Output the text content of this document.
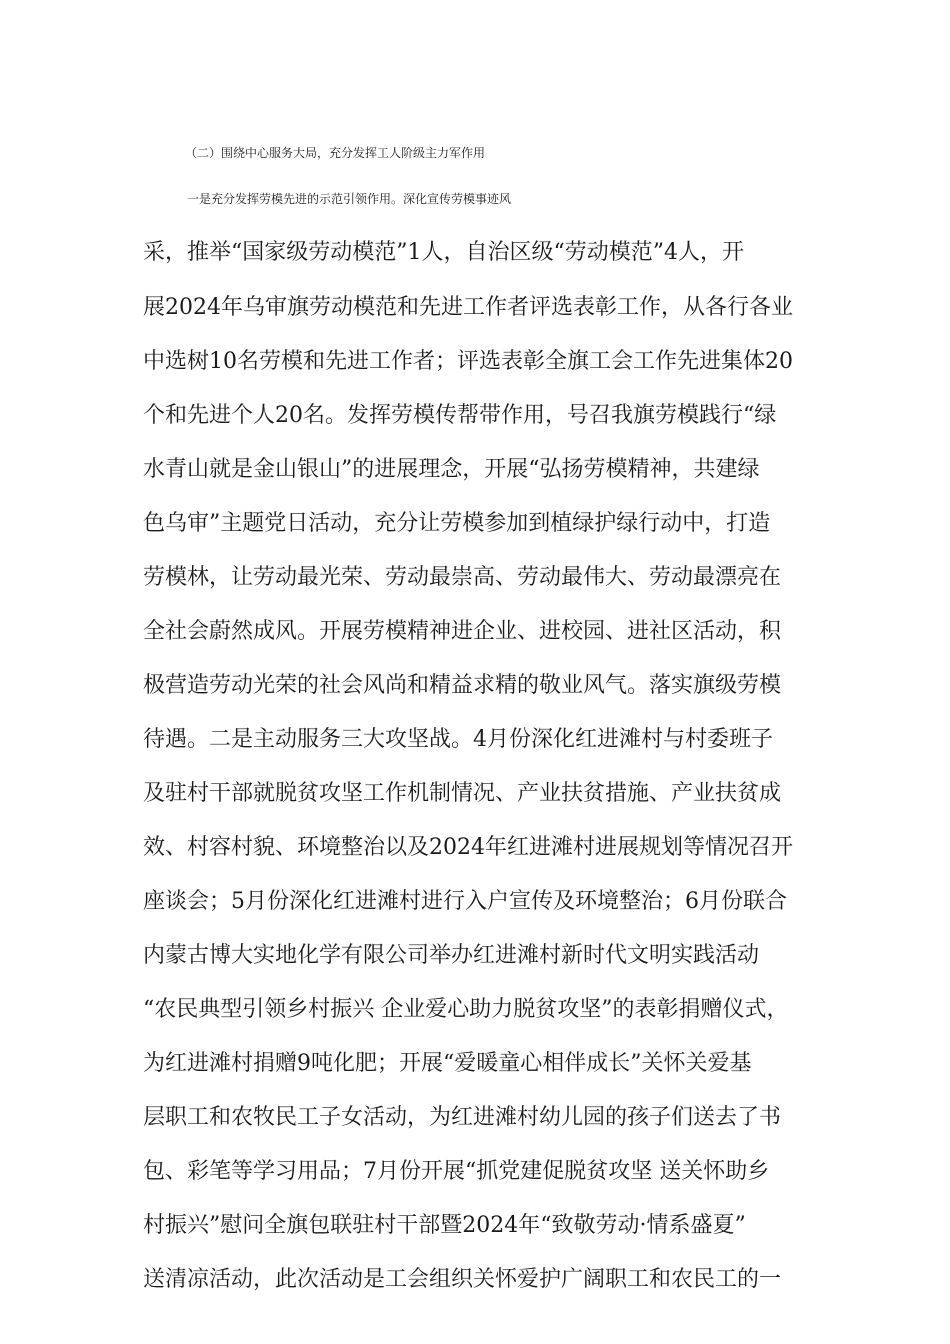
（二）围绕中心服务大局，充分发挥工人阶级主力军作用
一是充分发挥劳模先进的示范引领作用。深化宣传劳模事迹风
采，推举“国家级劳动模范”1人，自治区级“劳动模范”4人，开
展2024年乌审旗劳动模范和先进工作者评选表彰工作，从各行各业
中选树10名劳模和先进工作者；评选表彰全旗工会工作先进集体20
个和先进个人20名。发挥劳模传帮带作用，号召我旗劳模践行“绿
水青山就是金山银山”的进展理念，开展“弘扬劳模精神，共建绿
色乌审”主题党日活动，充分让劳模参加到植绿护绿行动中，打造
劳模林，让劳动最光荣、劳动最崇高、劳动最伟大、劳动最漂亮在
全社会蔚然成风。开展劳模精神进企业、进校园、进社区活动，积
极营造劳动光荣的社会风尚和精益求精的敬业风气。落实旗级劳模
待遇。二是主动服务三大攻坚战。4月份深化红进滩村与村委班子
及驻村干部就脱贫攻坚工作机制情况、产业扶贫措施、产业扶贫成
效、村容村貌、环境整治以及2024年红进滩村进展规划等情况召开
座谈会；5月份深化红进滩村进行入户宣传及环境整治；6月份联合
内蒙古博大实地化学有限公司举办红进滩村新时代文明实践活动
“农民典型引领乡村振兴 企业爱心助力脱贫攻坚”的表彰捐赠仪式，
为红进滩村捐赠9吨化肥；开展“爱暖童心相伴成长”关怀关爱基
层职工和农牧民工子女活动，为红进滩村幼儿园的孩子们送去了书
包、彩笔等学习用品；7月份开展“抓党建促脱贫攻坚 送关怀助乡
村振兴”慰问全旗包联驻村干部暨2024年“致敬劳动·情系盛夏”
送清凉活动，此次活动是工会组织关怀爱护广阔职工和农民工的一
